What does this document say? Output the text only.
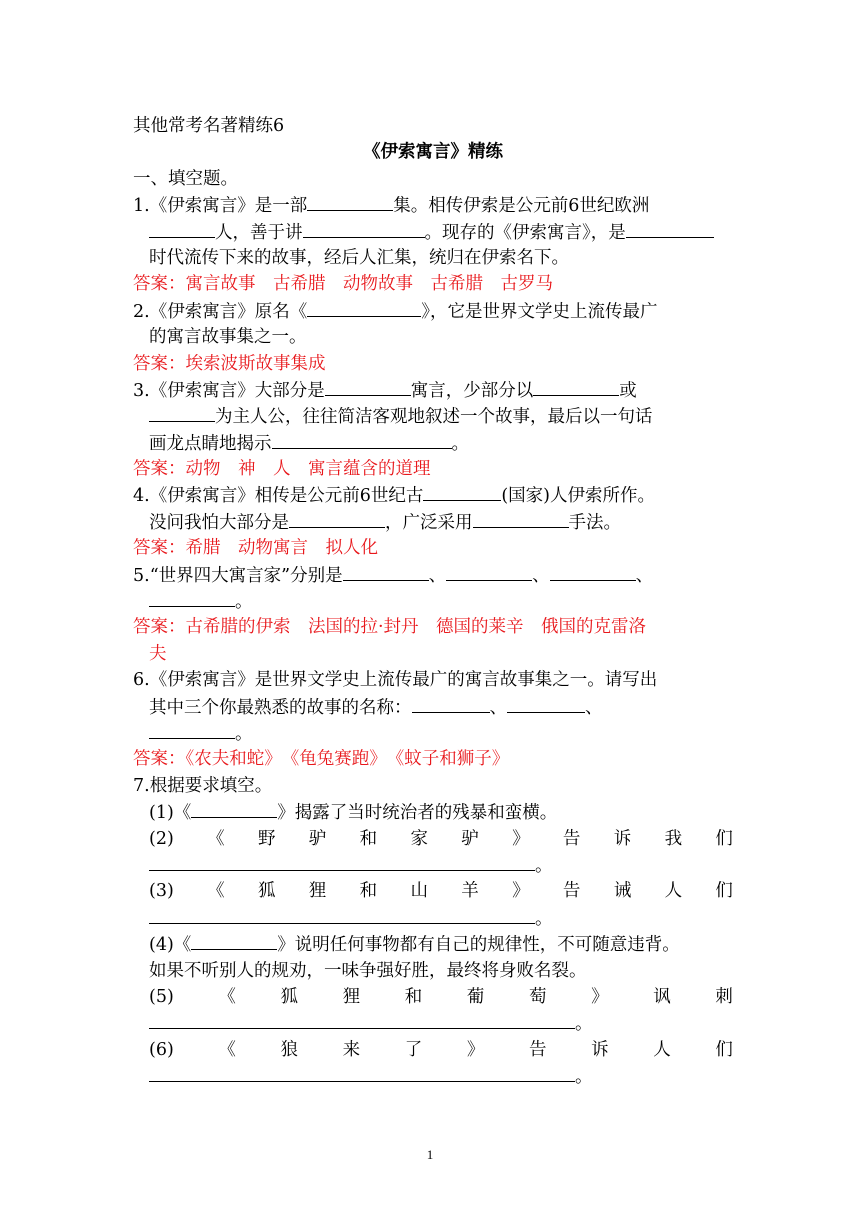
其他常考名著精练6
《伊索寓言》精练
一、填空题。
1.《伊索寓言》是一部	集。相传伊索是公元前6世纪欧洲
人，善于讲	。现存的《伊索寓言》，是
时代流传下来的故事，经后人汇集，统归在伊索名下。
答案：寓言故事　古希腊　动物故事　古希腊　古罗马
2.《伊索寓言》原名《	》，它是世界文学史上流传最广
的寓言故事集之一。
答案：埃索波斯故事集成
3.《伊索寓言》大部分是	寓言，少部分以	或
为主人公，往往简洁客观地叙述一个故事，最后以一句话
画龙点睛地揭示	。
答案：动物　神　人　寓言蕴含的道理
4.《伊索寓言》相传是公元前6世纪古	(国家)人伊索所作。
没问我怕大部分是	，广泛采用	手法。
答案：希腊　动物寓言　拟人化
5.“世界四大寓言家”分别是	、	、	、
。
答案：古希腊的伊索　法国的拉·封丹　德国的莱辛　俄国的克雷洛
夫
6.《伊索寓言》是世界文学史上流传最广的寓言故事集之一。请写出
其中三个你最熟悉的故事的名称：	、	、
。
答案：《农夫和蛇》　《龟兔赛跑》　《蚊子和狮子》
7.根据要求填空。
(1)《	》揭露了当时统治者的残暴和蛮横。
(2) 《 野 驴 和 家 驴 》 告 诉 我 们
。
(3) 《 狐 狸 和 山 羊 》 告 诫 人 们
。
(4)《	》说明任何事物都有自己的规律性，不可随意违背。
如果不听别人的规劝，一味争强好胜，最终将身败名裂。
(5)	《	狐	狸	和	葡	萄	》	讽	刺
。
(6)	《	狼	来	了	》	告	诉	人	们
。
1
